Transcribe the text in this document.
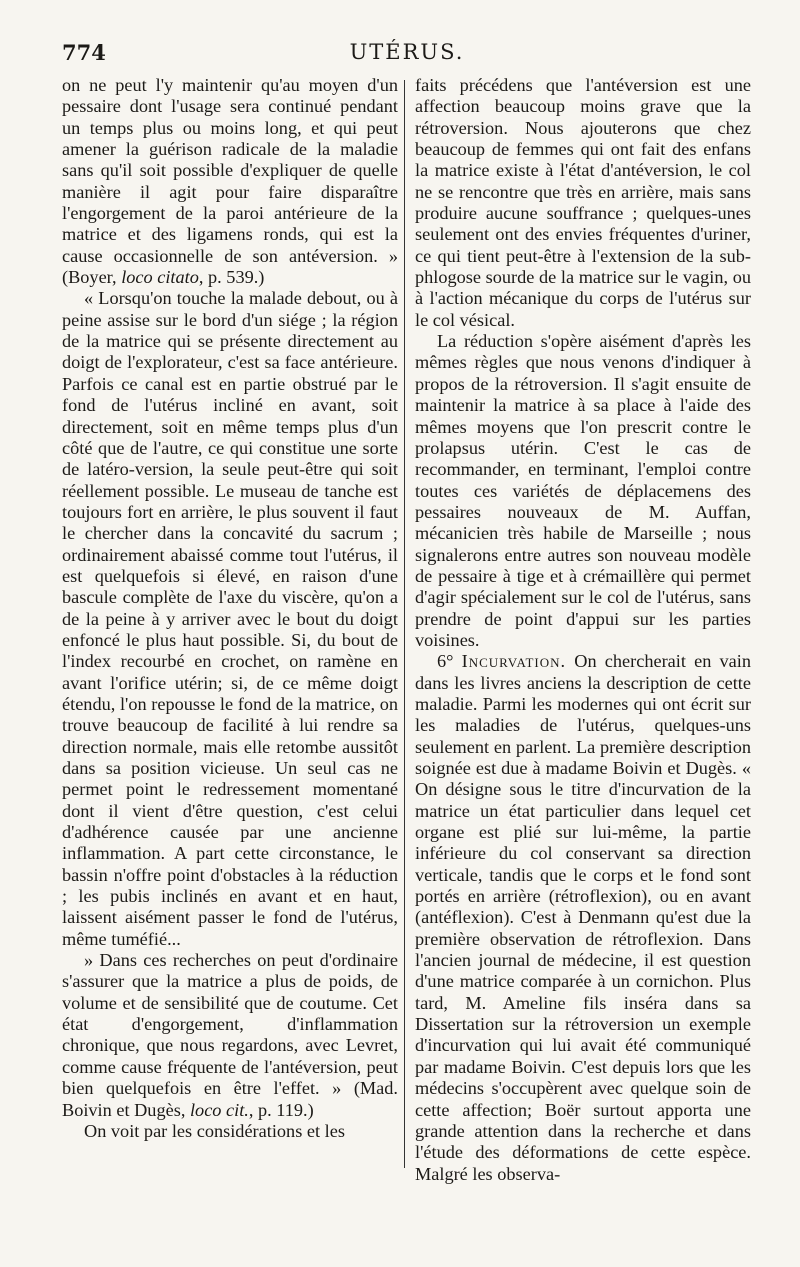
774	UTÉRUS.

on ne peut l'y maintenir qu'au moyen d'un pessaire dont l'usage sera continué pendant un temps plus ou moins long, et qui peut amener la guérison radicale de la maladie sans qu'il soit possible d'expliquer de quelle manière il agit pour faire disparaître l'engorgement de la paroi antérieure de la matrice et des ligamens ronds, qui est la cause occasionnelle de son antéversion. » (Boyer, loco citato, p. 539.)

« Lorsqu'on touche la malade debout, ou à peine assise sur le bord d'un siége ; la région de la matrice qui se présente directement au doigt de l'explorateur, c'est sa face antérieure. Parfois ce canal est en partie obstrué par le fond de l'utérus incliné en avant, soit directement, soit en même temps plus d'un côté que de l'autre, ce qui constitue une sorte de latéro-version, la seule peut-être qui soit réellement possible. Le museau de tanche est toujours fort en arrière, le plus souvent il faut le chercher dans la concavité du sacrum ; ordinairement abaissé comme tout l'utérus, il est quelquefois si élevé, en raison d'une bascule complète de l'axe du viscère, qu'on a de la peine à y arriver avec le bout du doigt enfoncé le plus haut possible. Si, du bout de l'index recourbé en crochet, on ramène en avant l'orifice utérin; si, de ce même doigt étendu, l'on repousse le fond de la matrice, on trouve beaucoup de facilité à lui rendre sa direction normale, mais elle retombe aussitôt dans sa position vicieuse. Un seul cas ne permet point le redressement momentané dont il vient d'être question, c'est celui d'adhérence causée par une ancienne inflammation. A part cette circonstance, le bassin n'offre point d'obstacles à la réduction ; les pubis inclinés en avant et en haut, laissent aisément passer le fond de l'utérus, même tuméfié...

» Dans ces recherches on peut d'ordinaire s'assurer que la matrice a plus de poids, de volume et de sensibilité que de coutume. Cet état d'engorgement, d'inflammation chronique, que nous regardons, avec Levret, comme cause fréquente de l'antéversion, peut bien quelquefois en être l'effet. » (Mad. Boivin et Dugès, loco cit., p. 119.)

On voit par les considérations et les

faits précédens que l'antéversion est une affection beaucoup moins grave que la rétroversion. Nous ajouterons que chez beaucoup de femmes qui ont fait des enfans la matrice existe à l'état d'antéversion, le col ne se rencontre que très en arrière, mais sans produire aucune souffrance ; quelques-unes seulement ont des envies fréquentes d'uriner, ce qui tient peut-être à l'extension de la sub-phlogose sourde de la matrice sur le vagin, ou à l'action mécanique du corps de l'utérus sur le col vésical.

La réduction s'opère aisément d'après les mêmes règles que nous venons d'indiquer à propos de la rétroversion. Il s'agit ensuite de maintenir la matrice à sa place à l'aide des mêmes moyens que l'on prescrit contre le prolapsus utérin. C'est le cas de recommander, en terminant, l'emploi contre toutes ces variétés de déplacemens des pessaires nouveaux de M. Auffan, mécanicien très habile de Marseille ; nous signalerons entre autres son nouveau modèle de pessaire à tige et à crémaillère qui permet d'agir spécialement sur le col de l'utérus, sans prendre de point d'appui sur les parties voisines.

6° Incurvation. On chercherait en vain dans les livres anciens la description de cette maladie. Parmi les modernes qui ont écrit sur les maladies de l'utérus, quelques-uns seulement en parlent. La première description soignée est due à madame Boivin et Dugès. « On désigne sous le titre d'incurvation de la matrice un état particulier dans lequel cet organe est plié sur lui-même, la partie inférieure du col conservant sa direction verticale, tandis que le corps et le fond sont portés en arrière (rétroflexion), ou en avant (antéflexion). C'est à Denmann qu'est due la première observation de rétroflexion. Dans l'ancien journal de médecine, il est question d'une matrice comparée à un cornichon. Plus tard, M. Ameline fils inséra dans sa Dissertation sur la rétroversion un exemple d'incurvation qui lui avait été communiqué par madame Boivin. C'est depuis lors que les médecins s'occupèrent avec quelque soin de cette affection; Boër surtout apporta une grande attention dans la recherche et dans l'étude des déformations de cette espèce. Malgré les observa-
